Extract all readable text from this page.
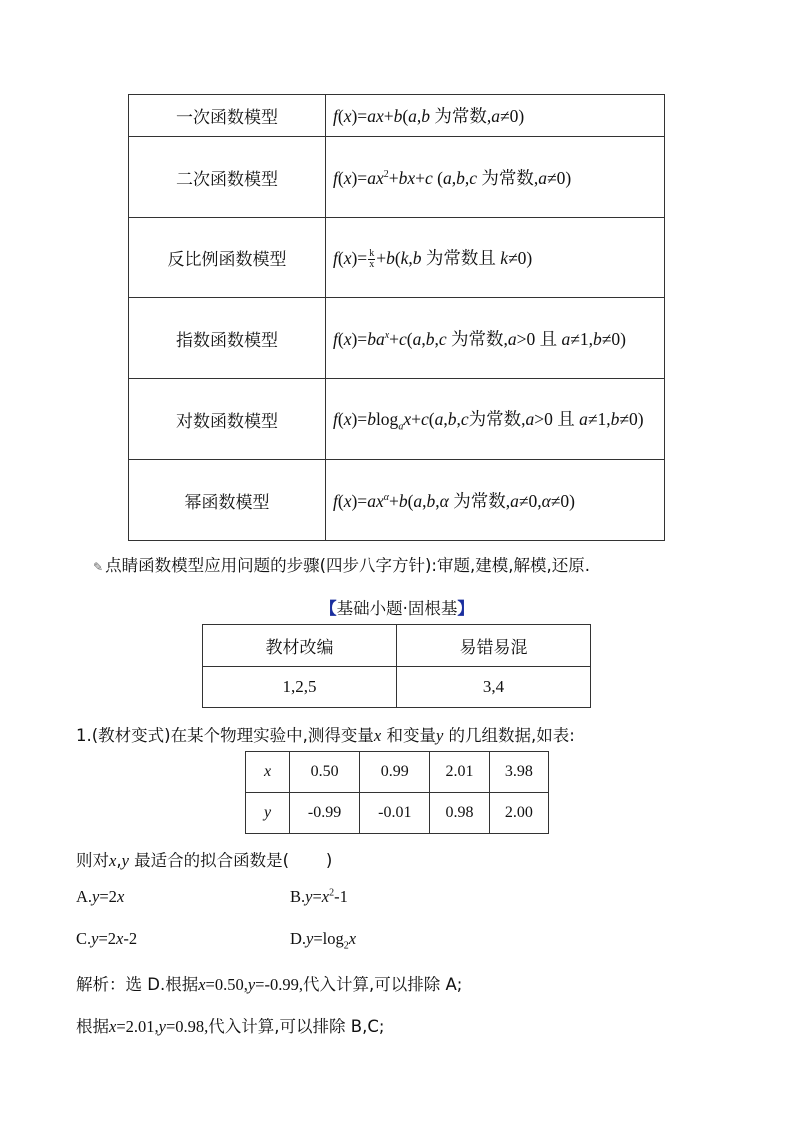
一次函数模型	f(x)=ax+b(a,b 为常数,a≠0)
二次函数模型	$f(x)=ax^2+bx+c$ (a,b,c 为常数,a≠0)
反比例函数模型	$f(x)= \frac{k}{x} +b(k,b$ 为常数且 k≠0)
指数函数模型	$f(x)=ba^x+c(a,b,c$ 为常数,a>0 且 a≠1,b≠0)
对数函数模型	f(x)=blog$_a$x+c(a,b,c为常数,a>0 且 a≠1,b≠0)
幂函数模型	$f(x)=ax^\alpha+b(a,b,\alpha$ 为常数,a≠0,α≠0)
✎ 点睛函数模型应用问题的步骤(四步八字方针):审题,建模,解模,还原.
【基础小题·固根基】
教材改编	易错易混
1,2,5	3,4
1.(教材变式)在某个物理实验中,测得变量x 和变量y 的几组数据,如表:
x	0.50	0.99	2.01	3.98
y	-0.99	-0.01	0.98	2.00
则对x,y 最适合的拟合函数是( )
A.y=2x	$B.y=x^2-1$
C.y=2x-2	$D.y=\log_2x$
解析：选 D.根据x=0.50,y=-0.99,代入计算,可以排除 A;
根据x=2.01,y=0.98,代入计算,可以排除 B,C;
